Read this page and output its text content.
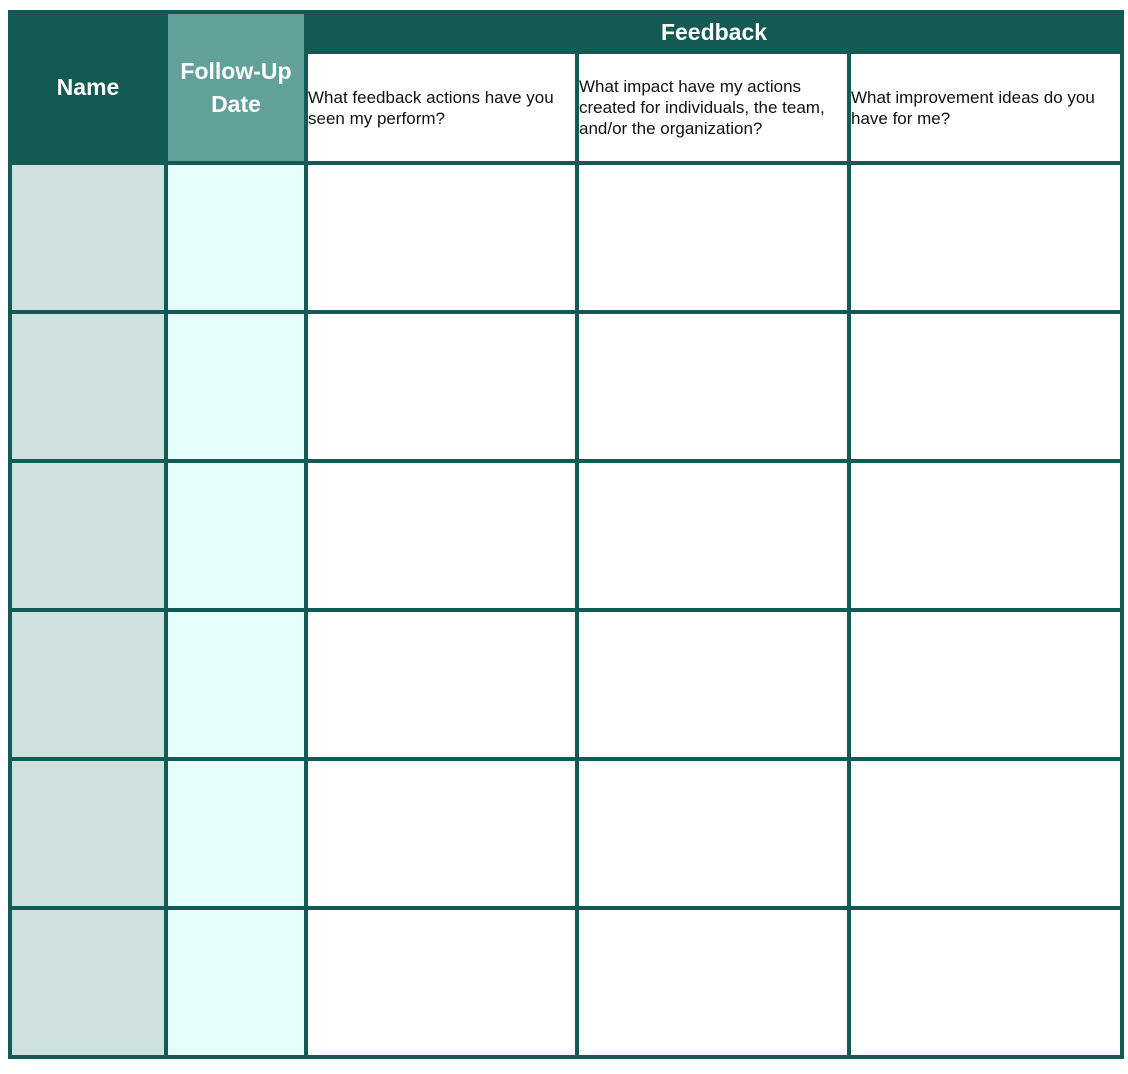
Name	Follow-Up Date	Feedback		
		What feedback actions have you seen my perform?	What impact have my actions created for individuals, the team, and/or the organization?	What improvement ideas do you have for me?
